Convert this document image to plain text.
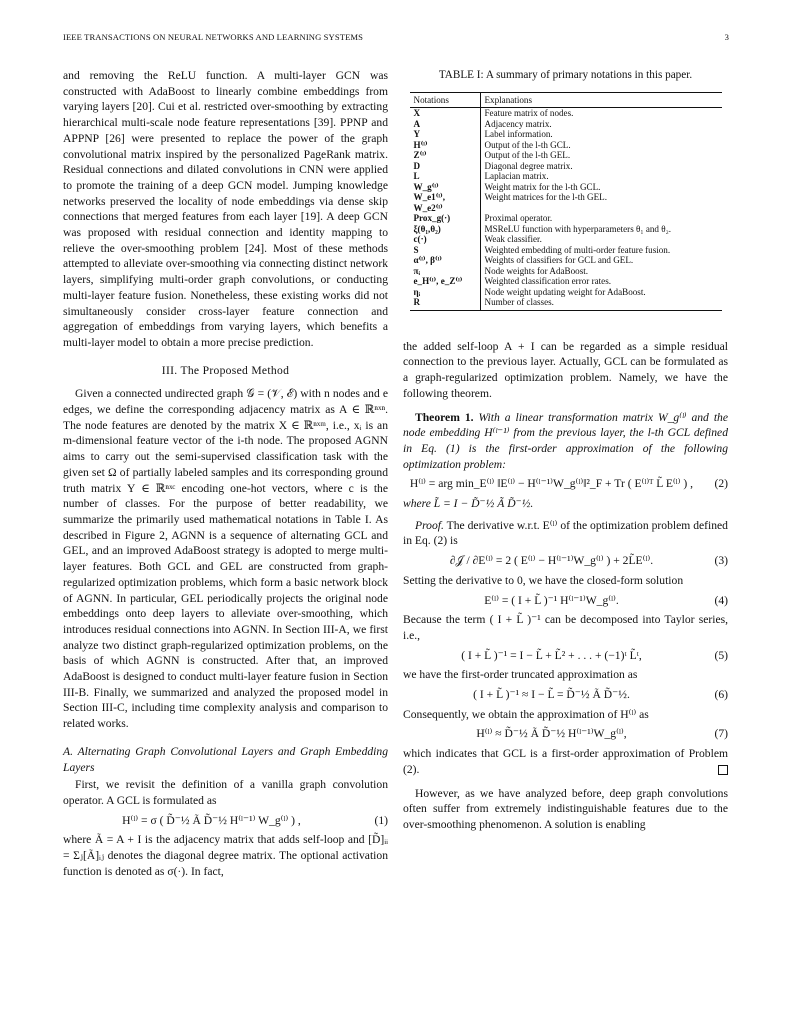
IEEE TRANSACTIONS ON NEURAL NETWORKS AND LEARNING SYSTEMS	3

and removing the ReLU function. A multi-layer GCN was constructed with AdaBoost to linearly combine embeddings from varying layers [20]. Cui et al. restricted over-smoothing by extracting hierarchical multi-scale node feature representations [39]. PPNP and APPNP [26] were presented to replace the power of the graph convolutional matrix inspired by the personalized PageRank matrix. Residual connections and dilated convolutions in CNN were applied to promote the training of a deep GCN model. Jumping knowledge networks preserved the locality of node embeddings via dense skip connections that merged features from each layer [19]. A deep GCN was proposed with residual connection and identity mapping to relieve the over-smoothing problem [24]. Most of these methods attempted to alleviate over-smoothing via connecting distinct network layers, simplifying multi-order graph convolutions, or conducting multi-layer feature fusion. Nonetheless, these existing works did not simultaneously consider cross-layer feature connection and aggregation of embeddings from varying layers, which benefits a multi-layer model to obtain a more precise prediction.

III. The Proposed Method

Given a connected undirected graph 𝒢 = (𝒱, ℰ) with n nodes and e edges, we define the corresponding adjacency matrix as A ∈ ℝⁿˣⁿ. The node features are denoted by the matrix X ∈ ℝⁿˣᵐ, i.e., xᵢ is an m-dimensional feature vector of the i-th node. The proposed AGNN aims to carry out the semi-supervised classification task with the given set Ω of partially labeled samples and its corresponding ground truth matrix Y ∈ ℝⁿˣᶜ encoding one-hot vectors, where c is the number of classes. For the purpose of better readability, we summarize the primarily used mathematical notations in Table I. As described in Figure 2, AGNN is a sequence of alternating GCL and GEL, and an improved AdaBoost strategy is adopted to merge multi-layer features. Both GCL and GEL are constructed from graph-regularized optimization problems, which form a basic network block of AGNN. In particular, GEL periodically projects the original node embeddings onto deep layers to alleviate over-smoothing, which introduces residual connections into AGNN. In Section III-A, we first analyze two distinct graph-regularized optimization problems, on the basis of which AGNN is constructed. After that, an improved AdaBoost is designed to conduct multi-layer feature fusion in Section III-B. Finally, we summarized and analyzed the proposed model in Section III-C, including time complexity analysis and comparison to related works.

A. Alternating Graph Convolutional Layers and Graph Embedding Layers

First, we revisit the definition of a vanilla graph convolution operator. A GCL is formulated as

H⁽ˡ⁾ = σ ( D̃⁻½ Ã D̃⁻½ H⁽ˡ⁻¹⁾ W_g⁽ˡ⁾ ) ,	(1)

where Ã = A + I is the adjacency matrix that adds self-loop and [D̃]ᵢᵢ = Σⱼ[Ã]ᵢⱼ denotes the diagonal degree matrix. The optional activation function is denoted as σ(·). In fact,

TABLE I: A summary of primary notations in this paper.
Notations	Explanations
X	Feature matrix of nodes.
A	Adjacency matrix.
Y	Label information.
H⁽ˡ⁾	Output of the l-th GCL.
Z⁽ˡ⁾	Output of the l-th GEL.
D	Diagonal degree matrix.
L	Laplacian matrix.
W_g⁽ˡ⁾	Weight matrix for the l-th GCL.
W_e1⁽ˡ⁾, W_e2⁽ˡ⁾	Weight matrices for the l-th GEL.
Prox_g(·)	Proximal operator.
ξ(θ₁,θ₂)	MSReLU function with hyperparameters θ₁ and θ₂.
c(·)	Weak classifier.
S	Weighted embedding of multi-order feature fusion.
α⁽ˡ⁾, β⁽ˡ⁾	Weights of classifiers for GCL and GEL.
πᵢ	Node weights for AdaBoost.
e_H⁽ˡ⁾, e_Z⁽ˡ⁾	Weighted classification error rates.
ηᵢ	Node weight updating weight for AdaBoost.
R	Number of classes.

the added self-loop A + I can be regarded as a simple residual connection to the previous layer. Actually, GCL can be formulated as a graph-regularized optimization problem. Namely, we have the following theorem.

Theorem 1. With a linear transformation matrix W_g⁽ˡ⁾ and the node embedding H⁽ˡ⁻¹⁾ from the previous layer, the l-th GCL defined in Eq. (1) is the first-order approximation of the following optimization problem:

H⁽ˡ⁾ = arg min_E⁽ˡ⁾ ‖E⁽ˡ⁾ − H⁽ˡ⁻¹⁾W_g⁽ˡ⁾‖²_F + Tr ( E⁽ˡ⁾ᵀ L̃ E⁽ˡ⁾ ) ,	(2)

where L̃ = I − D̃⁻½ Ã D̃⁻½.

Proof. The derivative w.r.t. E⁽ˡ⁾ of the optimization problem defined in Eq. (2) is

∂𝒥 / ∂E⁽ˡ⁾ = 2 ( E⁽ˡ⁾ − H⁽ˡ⁻¹⁾W_g⁽ˡ⁾ ) + 2L̃E⁽ˡ⁾.	(3)

Setting the derivative to 0, we have the closed-form solution

E⁽ˡ⁾ = ( I + L̃ )⁻¹ H⁽ˡ⁻¹⁾W_g⁽ˡ⁾.	(4)

Because the term ( I + L̃ )⁻¹ can be decomposed into Taylor series, i.e.,

( I + L̃ )⁻¹ = I − L̃ + L̃² + . . . + (−1)ᵗ L̃ᵗ,	(5)

we have the first-order truncated approximation as

( I + L̃ )⁻¹ ≈ I − L̃ = D̃⁻½ Ã D̃⁻½.	(6)

Consequently, we obtain the approximation of H⁽ˡ⁾ as

H⁽ˡ⁾ ≈ D̃⁻½ Ã D̃⁻½ H⁽ˡ⁻¹⁾W_g⁽ˡ⁾,	(7)

which indicates that GCL is a first-order approximation of Problem (2).

However, as we have analyzed before, deep graph convolutions often suffer from extremely indistinguishable features due to the over-smoothing phenomenon. A solution is enabling
